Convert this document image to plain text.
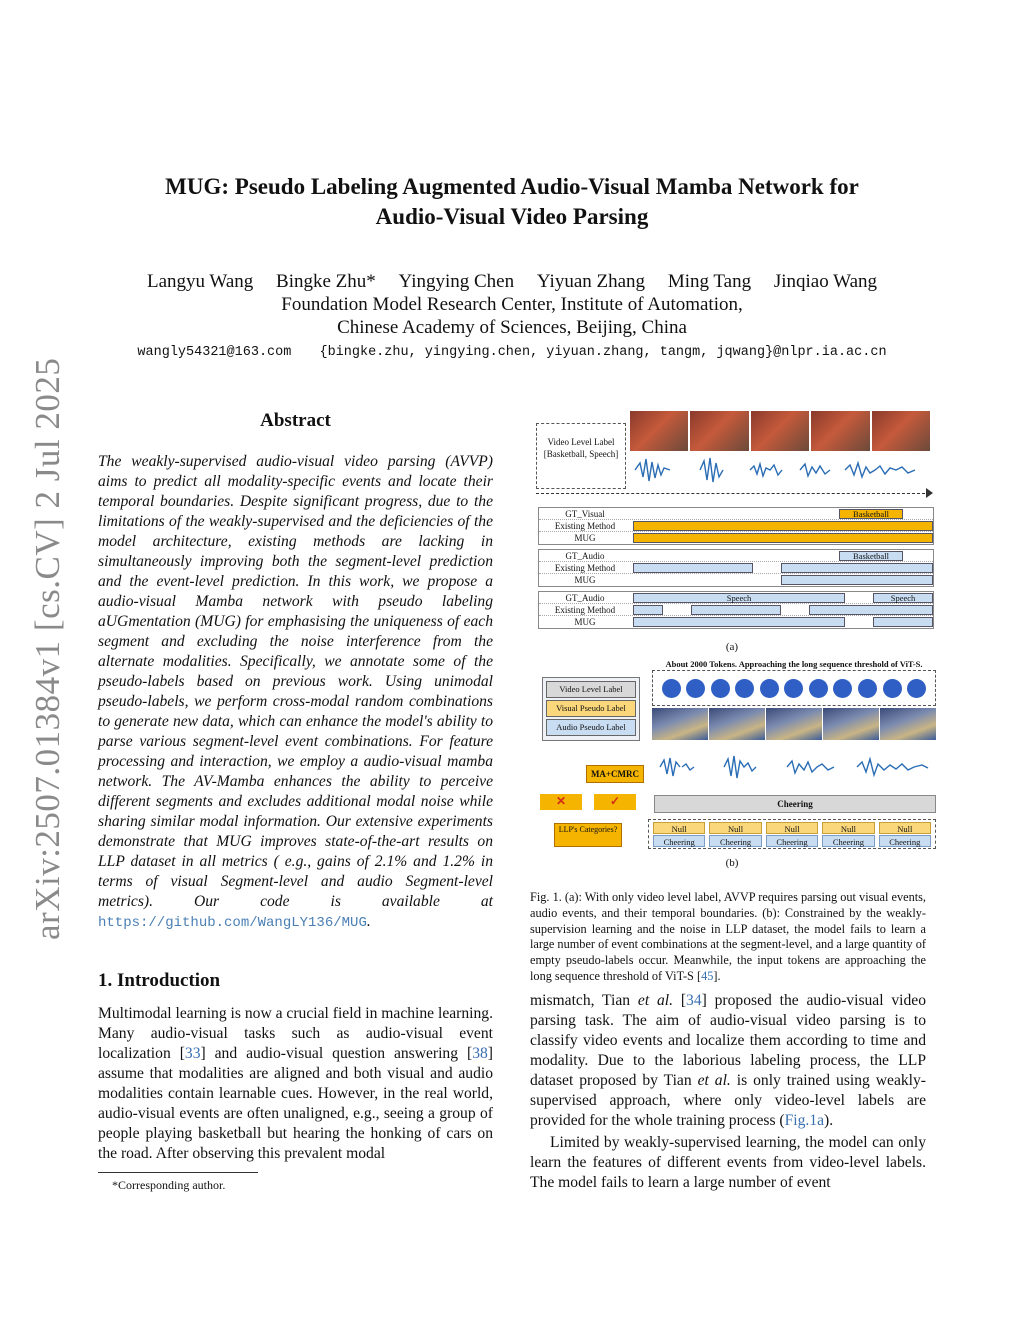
arXiv:2507.01384v1 [cs.CV] 2 Jul 2025
MUG: Pseudo Labeling Augmented Audio-Visual Mamba Network for
Audio-Visual Video Parsing
Langyu Wang Bingke Zhu* Yingying Chen Yiyuan Zhang Ming Tang Jinqiao Wang
Foundation Model Research Center, Institute of Automation,
Chinese Academy of Sciences, Beijing, China
wangly54321@163.com {bingke.zhu, yingying.chen, yiyuan.zhang, tangm, jqwang}@nlpr.ia.ac.cn
Abstract
The weakly-supervised audio-visual video parsing (AVVP) aims to predict all modality-specific events and locate their temporal boundaries. Despite significant progress, due to the limitations of the weakly-supervised and the deficiencies of the model architecture, existing methods are lacking in simultaneously improving both the segment-level prediction and the event-level prediction. In this work, we propose a audio-visual Mamba network with pseudo labeling aUGmentation (MUG) for emphasising the uniqueness of each segment and excluding the noise interference from the alternate modalities. Specifically, we annotate some of the pseudo-labels based on previous work. Using unimodal pseudo-labels, we perform cross-modal random combinations to generate new data, which can enhance the model's ability to parse various segment-level event combinations. For feature processing and interaction, we employ a audio-visual mamba network. The AV-Mamba enhances the ability to perceive different segments and excludes additional modal noise while sharing similar modal information. Our extensive experiments demonstrate that MUG improves state-of-the-art results on LLP dataset in all metrics ( e.g., gains of 2.1% and 1.2% in terms of visual Segment-level and audio Segment-level metrics). Our code is available at https://github.com/WangLY136/MUG.
1. Introduction
Multimodal learning is now a crucial field in machine learning. Many audio-visual tasks such as audio-visual event localization [33] and audio-visual question answering [38] assume that modalities are aligned and both visual and audio modalities contain learnable cues. However, in the real world, audio-visual events are often unaligned, e.g., seeing a group of people playing basketball but hearing the honking of cars on the road. After observing this prevalent modal
*Corresponding author.
Video Level Label [Basketball, Speech]
GT_Visual	Basketball
Existing Method
MUG
GT_Audio	Basketball
Existing Method
MUG
GT_Audio	Speech	Speech
Existing Method
MUG
(a)
About 2000 Tokens. Approaching the long sequence threshold of ViT-S.
Video Level Label
Visual Pseudo Label
Audio Pseudo Label
MA+CMRC
✕	✓
LLP's Categories?
Cheering
Null
Cheering
Null
Cheering
Null
Cheering
Null
Cheering
Null
Cheering
(b)
Fig. 1. (a): With only video level label, AVVP requires parsing out visual events, audio events, and their temporal boundaries. (b): Constrained by the weakly-supervision learning and the noise in LLP dataset, the model fails to learn a large number of event combinations at the segment-level, and a large quantity of empty pseudo-labels occur. Meanwhile, the input tokens are approaching the long sequence threshold of ViT-S [45].

mismatch, Tian et al. [34] proposed the audio-visual video parsing task. The aim of audio-visual video parsing is to classify video events and localize them according to time and modality. Due to the laborious labeling process, the LLP dataset proposed by Tian et al. is only trained using weakly-supervised approach, where only video-level labels are provided for the whole training process (Fig.1a).

Limited by weakly-supervised learning, the model can only learn the features of different events from video-level labels. The model fails to learn a large number of event
